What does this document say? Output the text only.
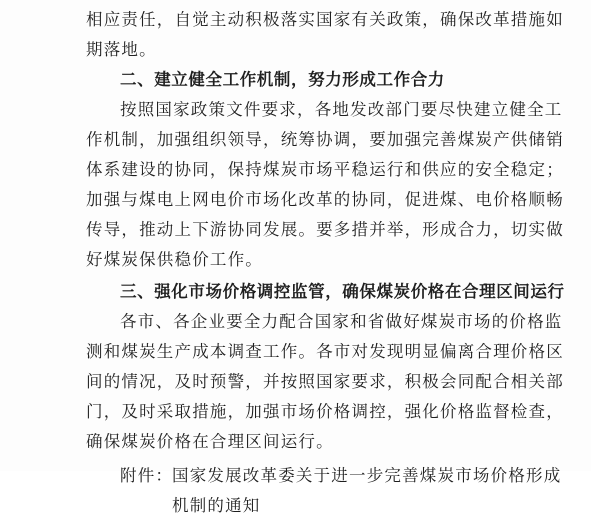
相应责任，自觉主动积极落实国家有关政策，确保改革措施如
期落地。
二、建立健全工作机制，努力形成工作合力
按照国家政策文件要求，各地发改部门要尽快建立健全工
作机制，加强组织领导，统筹协调，要加强完善煤炭产供储销
体系建设的协同，保持煤炭市场平稳运行和供应的安全稳定；
加强与煤电上网电价市场化改革的协同，促进煤、电价格顺畅
传导，推动上下游协同发展。要多措并举，形成合力，切实做
好煤炭保供稳价工作。
三、强化市场价格调控监管，确保煤炭价格在合理区间运行
各市、各企业要全力配合国家和省做好煤炭市场的价格监
测和煤炭生产成本调查工作。各市对发现明显偏离合理价格区
间的情况，及时预警，并按照国家要求，积极会同配合相关部
门，及时采取措施，加强市场价格调控，强化价格监督检查，
确保煤炭价格在合理区间运行。
附件：
国家发展改革委关于进一步完善煤炭市场价格形成
机制的通知
